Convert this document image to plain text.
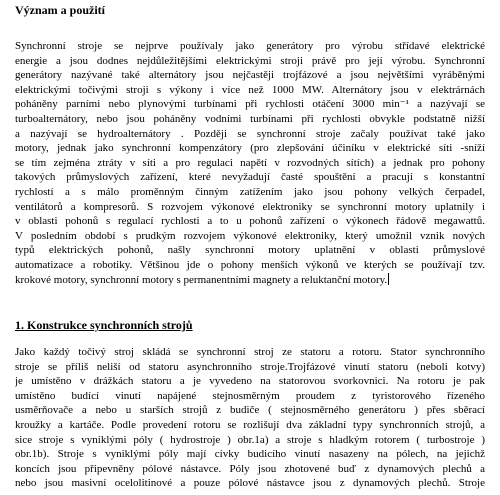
Význam a použití
Synchronní stroje se nejprve používaly jako generátory pro výrobu střídavé elektrické
energie a jsou dodnes nejdůležitějšími elektrickými stroji právě pro její výrobu. Synchronní
generátory nazývané také alternátory jsou nejčastěji trojfázové a jsou největšími vyráběnými
elektrickými točivými stroji s výkony i více než 1000 MW. Alternátory jsou v elektrárnách
poháněny parními nebo plynovými turbínami při rychlosti otáčení 3000 min⁻¹ a nazývají se
turboalternátory, nebo jsou poháněny vodními turbínami při rychlosti obvykle podstatně nižší
a nazývají se hydroalternátory . Později se synchronní stroje začaly používat také jako
motory, jednak jako synchronní kompenzátory (pro zlepšování účiníku v elektrické síti -sníží
se tím zejména ztráty v síti a pro regulaci napětí v rozvodných sítích) a jednak pro pohony
takových průmyslových zařízení, které nevyžadují časté spouštění a pracují s konstantní
rychlostí a s málo proměnným činným zatížením jako jsou pohony velkých čerpadel,
ventilátorů a kompresorů. S rozvojem výkonové elektroniky se synchronní motory uplatnily i
v oblasti pohonů s regulací rychlosti a to u pohonů zařízení o výkonech řádově megawattů.
V posledním období s prudkým rozvojem výkonové elektroniky, který umožnil vznik nových
typů elektrických pohonů, našly synchronní motory uplatnění v oblasti průmyslové
automatizace a robotiky. Většinou jde o pohony menších výkonů ve kterých se používají tzv.
krokové motory, synchronní motory s permanentními magnety a reluktanční motory.
1. Konstrukce synchronních strojů
Jako každý točivý stroj skládá se synchronní stroj ze statoru a rotoru. Stator synchronního
stroje se příliš neliší od statoru asynchronního stroje.Trojfázové vinutí statoru (neboli kotvy)
je umístěno v drážkách statoru a je vyvedeno na statorovou svorkovnici. Na rotoru je pak
umístěno budící vinutí napájené stejnosměrným proudem z tyristorového řízeného
usměrňovače a nebo u starších strojů z budiče ( stejnosměrného generátoru ) přes sběrací
kroužky a kartáče. Podle provedení rotoru se rozlišují dva základní typy synchronních strojů, a
sice stroje s vyniklými póly ( hydrostroje ) obr.1a) a stroje s hladkým rotorem ( turbostroje )
obr.1b). Stroje s vyniklými póly mají cívky budicího vinutí nasazeny na pólech, na jejichž
koncích jsou připevněny pólové nástavce. Póly jsou zhotovené buď z dynamových plechů a
nebo jsou masivní ocelolitinové a pouze pólové nástavce jsou z dynamových plechů. Stroje
